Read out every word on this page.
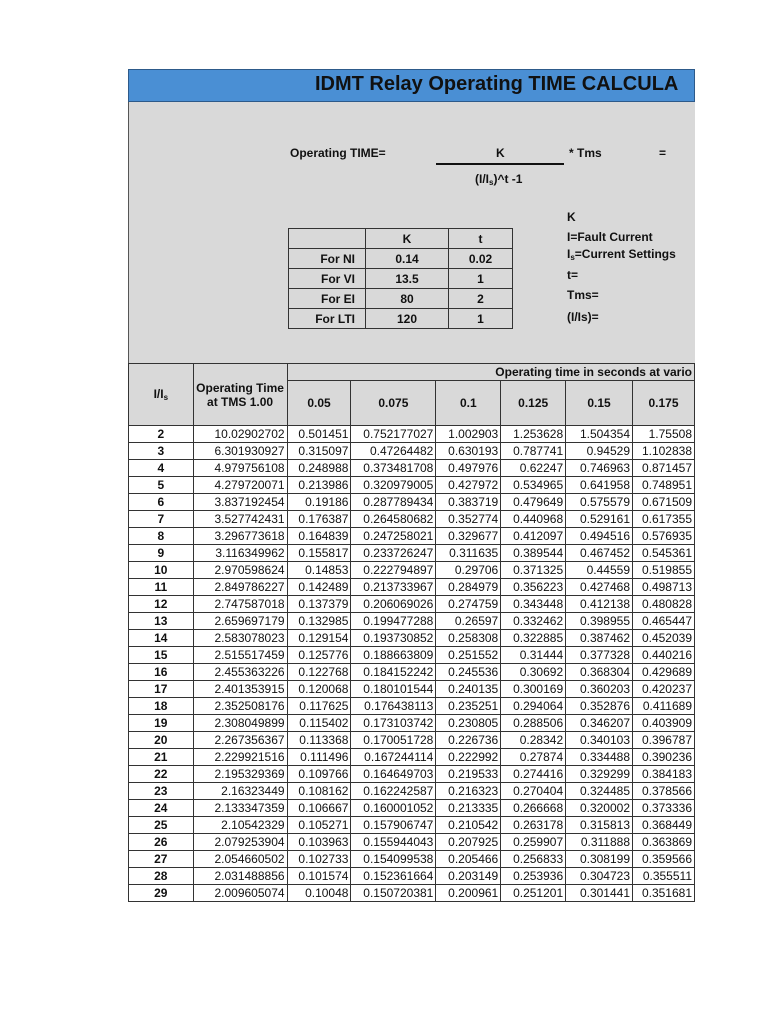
IDMT Relay Operating TIME CALCULA
Operating TIME=	K
$(I/I_s)\^{}t$ -1
* Tms	=
K
I=Fault Current
$I_s=Current$ Settings
t=
Tms=
(I/Is)=
	K	t
For NI	0.14	0.02
For VI	13.5	1
For EI	80	2
For LTI	120	1
$I/I_s$	Operating Time
at TMS 1.00	Operating time in seconds at vario					
		0.05	0.075	0.1	0.125	0.15	0.175
2	10.02902702	0.501451	0.752177027	1.002903	1.253628	1.504354	1.75508
3	6.301930927	0.315097	0.47264482	0.630193	0.787741	0.94529	1.102838
4	4.979756108	0.248988	0.373481708	0.497976	0.62247	0.746963	0.871457
5	4.279720071	0.213986	0.320979005	0.427972	0.534965	0.641958	0.748951
6	3.837192454	0.19186	0.287789434	0.383719	0.479649	0.575579	0.671509
7	3.527742431	0.176387	0.264580682	0.352774	0.440968	0.529161	0.617355
8	3.296773618	0.164839	0.247258021	0.329677	0.412097	0.494516	0.576935
9	3.116349962	0.155817	0.233726247	0.311635	0.389544	0.467452	0.545361
10	2.970598624	0.14853	0.222794897	0.29706	0.371325	0.44559	0.519855
11	2.849786227	0.142489	0.213733967	0.284979	0.356223	0.427468	0.498713
12	2.747587018	0.137379	0.206069026	0.274759	0.343448	0.412138	0.480828
13	2.659697179	0.132985	0.199477288	0.26597	0.332462	0.398955	0.465447
14	2.583078023	0.129154	0.193730852	0.258308	0.322885	0.387462	0.452039
15	2.515517459	0.125776	0.188663809	0.251552	0.31444	0.377328	0.440216
16	2.455363226	0.122768	0.184152242	0.245536	0.30692	0.368304	0.429689
17	2.401353915	0.120068	0.180101544	0.240135	0.300169	0.360203	0.420237
18	2.352508176	0.117625	0.176438113	0.235251	0.294064	0.352876	0.411689
19	2.308049899	0.115402	0.173103742	0.230805	0.288506	0.346207	0.403909
20	2.267356367	0.113368	0.170051728	0.226736	0.28342	0.340103	0.396787
21	2.229921516	0.111496	0.167244114	0.222992	0.27874	0.334488	0.390236
22	2.195329369	0.109766	0.164649703	0.219533	0.274416	0.329299	0.384183
23	2.16323449	0.108162	0.162242587	0.216323	0.270404	0.324485	0.378566
24	2.133347359	0.106667	0.160001052	0.213335	0.266668	0.320002	0.373336
25	2.10542329	0.105271	0.157906747	0.210542	0.263178	0.315813	0.368449
26	2.079253904	0.103963	0.155944043	0.207925	0.259907	0.311888	0.363869
27	2.054660502	0.102733	0.154099538	0.205466	0.256833	0.308199	0.359566
28	2.031488856	0.101574	0.152361664	0.203149	0.253936	0.304723	0.355511
29	2.009605074	0.10048	0.150720381	0.200961	0.251201	0.301441	0.351681
